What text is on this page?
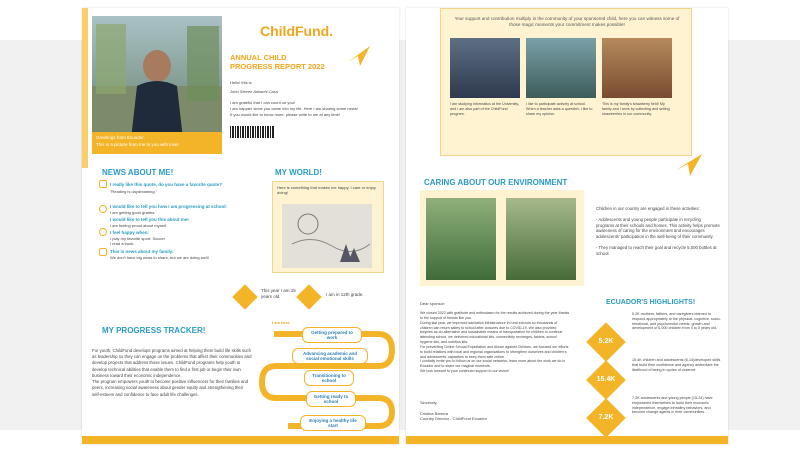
Greetings from Ecuador.
This is a picture from me to you with love!
ChildFund.
ANNUAL CHILD
PROGRESS REPORT 2022
Hello! this is
John Steven Ankachi Casa
I am grateful that I can count on you!
I am happier since you came into my life. Here I am sharing some news!
If you would like to know more, please write to me at any time!
NEWS ABOUT ME!
I really like this quote, do you have a favorite quote?
"Reading is daydreaming."
I would like to tell you how I am progressing at school:
I am getting good grades.
I would like to tell you this about me!
I am feeling proud about myself.
I feel happy when:
I play my favorite sport: Soccer
I read a book.
This is news about my family:
We don't have big news to share, but we are doing well!
MY WORLD!
Here is something that makes me happy, I care or enjoy doing!
This year I am 15 years old.	I am in 12th grade.
MY PROGRESS TRACKER!
For youth, ChildFund develops programs aimed at helping them build life skills such as leadership so they can engage on the problems that affect their communities and develop projects that address those issues. ChildFund programs help youth to develop technical abilities that enable them to find a first job or begin their own business toward their economic independence.
The program empowers youth to become positive influencers for their families and peers, increasing social awareness about gender equity and strengthening their self-esteem and confidence to face adult life challenges.
I am here
Getting prepared to work
Advancing academic and social emotional skills
Transitioning to school
Getting ready to school
Enjoying a healthy life start
Your support and contribution multiply in the community of your sponsored child, here you can witness some of those magic moments your commitment makes possible!
I am studying informatics at the University, and I am also part of the ChildFund program.
I like to participate actively at school. When a teacher asks a question, I like to share my opinion.
This is my family's strawberry field! My family and I work by collecting and selling strawberries in our community.
CARING ABOUT OUR ENVIRONMENT
Children in our country are engaged in these activities:

- Adolescents and young people participate in recycling programs at their schools and homes. This activity helps promote awareness of caring for the environment and encourages adolescents' participation in the well-being of their community.

- They managed to reach their goal and recycle 5,000 bottles at school.
Dear sponsor:
We closed 2022 with gratitude and enthusiasm for the results achieved during the year thanks to the support of friends like you.
During last year, we improved sanitation infrastructure in rural schools so thousands of children can return safely to school after closures due to COVID-19. We also provided bicycles as an alternative and sustainable means of transportation for children to continue attending school, we delivered educational kits, connectivity recharges, tablets, school hygiene kits, and nutrition kits.
For preventing Online Sexual Exploitation and Abuse against Children, we focused our efforts to build relations with local and regional organizations to strengthen ourselves and children's and adolescents' capacities to keep them safe online.
I cordially invite you to follow us on our social networks, learn more about the work we do in Ecuador and to share our magical moments.
We look forward to your continued support to our vision!
Sincerely,
Cristina Barrera
Country Director - ChildFund Ecuador
ECUADOR'S HIGHLIGHTS!
5.2K
5.2K mothers, fathers, and caregivers learned to respond appropriately to the physical, cognitive, socio-emotional, and psychomotor needs, growth and development of 6,000 children from 0 to 5 years old.
15.4K
15.4K children and adolescents (6-14)developed skills that build their confidence and agency andreduce the likelihood of being in cycles of violence.
7.2K
7.2K adolescents and young people (15-24) have empowered themselves to build their economic independence, engage inhealthy behaviors, and become change agents in their communities.
